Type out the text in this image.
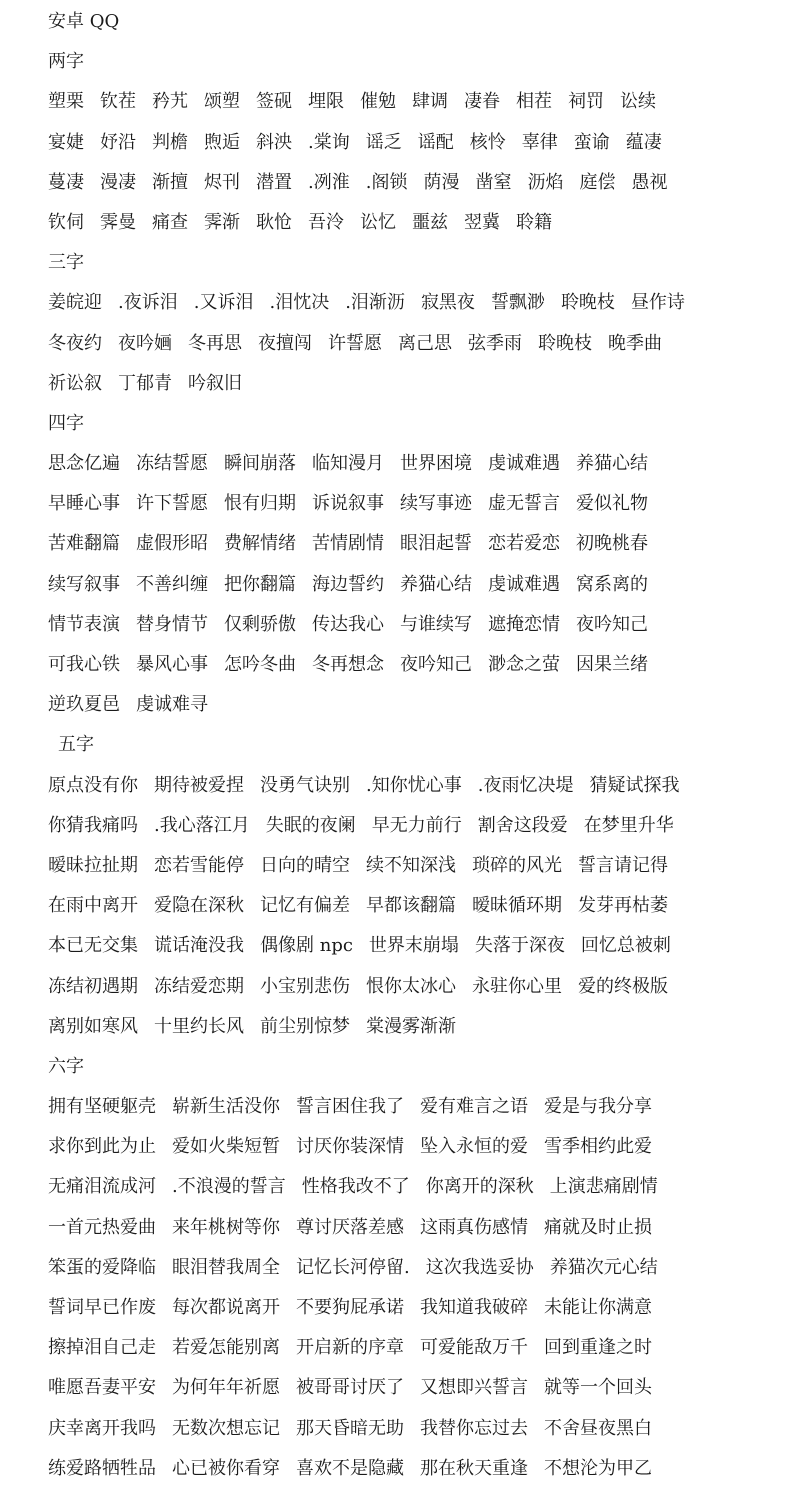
安卓 QQ
两字
塑栗 钦茬 矜艽 颂塑 签砚 埋限 催勉 肆调 凄眷 相茬 祠罚 讼续
宴婕 妤沿 判檐 煦逅 斜泱 .棠询 谣乏 谣配 核怜 辜律 蛮谕 蕴凄
蔓凄 漫凄 渐擅 烬刊 潜置 .冽淮 .阁锁 荫漫 凿窒 沥焰 庭偿 愚视
钦伺 霁曼 痛查 霁渐 耿怆 吾泠 讼忆 噩兹 翌冀 聆籍
三字
姜皖迎 .夜诉泪 .又诉泪 .泪忱决 .泪渐沥 寂黑夜 誓飘渺 聆晚枝 昼作诗
冬夜约 夜吟婳 冬再思 夜擅闯 许誓愿 离己思 弦季雨 聆晚枝 晚季曲
祈讼叙 丁郁青 吟叙旧
四字
思念亿遍 冻结誓愿 瞬间崩落 临知漫月 世界困境 虔诚难遇 养猫心结
早睡心事 许下誓愿 恨有归期 诉说叙事 续写事迹 虚无誓言 爱似礼物
苦难翻篇 虚假形昭 费解情绪 苦情剧情 眼泪起誓 恋若爱恋 初晚桃春
续写叙事 不善纠缠 把你翻篇 海边誓约 养猫心结 虔诚难遇 窝系离的
情节表演 替身情节 仅剩骄傲 传达我心 与谁续写 遮掩恋情 夜吟知己
可我心铁 暴风心事 怎吟冬曲 冬再想念 夜吟知己 渺念之萤 因果兰绪
逆玖夏邑 虔诚难寻
五字
原点没有你 期待被爱捏 没勇气诀别 .知你忧心事 .夜雨忆决堤 猜疑试探我
你猜我痛吗 .我心落江月 失眠的夜阑 早无力前行 割舍这段爱 在梦里升华
暧昧拉扯期 恋若雪能停 日向的晴空 续不知深浅 琐碎的风光 誓言请记得
在雨中离开 爱隐在深秋 记忆有偏差 早都该翻篇 暧昧循环期 发芽再枯萎
本已无交集 谎话淹没我 偶像剧 npc 世界末崩塌 失落于深夜 回忆总被刺
冻结初遇期 冻结爱恋期 小宝别悲伤 恨你太冰心 永驻你心里 爱的终极版
离别如寒风 十里约长风 前尘别惊梦 棠漫雾渐渐
六字
拥有坚硬躯壳 崭新生活没你 誓言困住我了 爱有难言之语 爱是与我分享
求你到此为止 爱如火柴短暂 讨厌你装深情 坠入永恒的爱 雪季相约此爱
无痛泪流成河 .不浪漫的誓言 性格我改不了 你离开的深秋 上演悲痛剧情
一首元热爱曲 来年桃树等你 尊讨厌落差感 这雨真伤感情 痛就及时止损
笨蛋的爱降临 眼泪替我周全 记忆长河停留. 这次我选妥协 养猫次元心结
誓词早已作废 每次都说离开 不要狗屁承诺 我知道我破碎 未能让你满意
擦掉泪自己走 若爱怎能别离 开启新的序章 可爱能敌万千 回到重逢之时
唯愿吾妻平安 为何年年祈愿 被哥哥讨厌了 又想即兴誓言 就等一个回头
庆幸离开我吗 无数次想忘记 那天昏暗无助 我替你忘过去 不舍昼夜黑白
练爱路牺牲品 心已被你看穿 喜欢不是隐藏 那在秋天重逢 不想沦为甲乙
